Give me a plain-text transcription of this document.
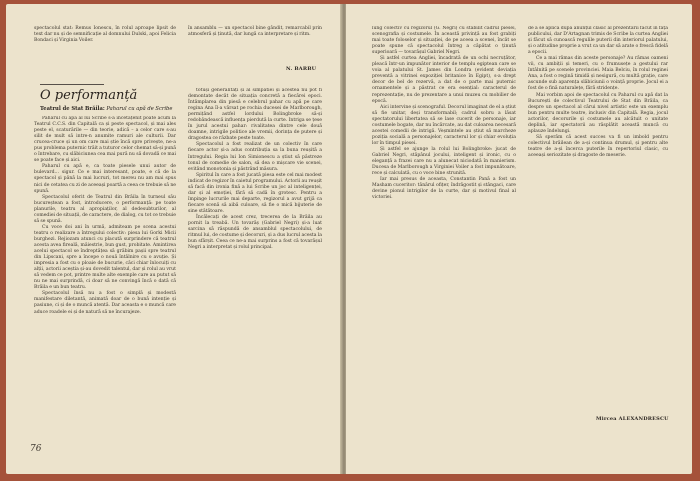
spectacolul stat: Remus Ionescu, în rolul aproape lipsit de text dar nu și de semnificație al domnului Dulski, apoi Felicia Bondaci și Virginia Voiler.

O performanță
Teatrul de Stat Brăila: Paharul cu apă de Scribe

Paharul cu apă al lui Scribe s-a încetățenit poate acum la Teatrul C.C.S. din Capitală ca și peste spectacol, și mai ales peste el, scaturările — din teorie, adică – a celor care s-au silit de mult să intre-n anumite ramuri ale culturii. Dar crucea-cruce și un om care mai știe încă spre privește, ne-a pus problema puternic trăit a tuturor celor chemat să-și pună o întrebare, cu slăbiciunea cea mai pură nu să dovadă ce mai se poate face și aici.

Paharul cu apă e, ca toate piesele unui autor de bulevard... sigur. Ce e mai interesant, poate, e că de la spectacol și până la mai lucruri, tot mereu nu am mai spus nici de cetatea cu zi de aceeași poartă a ceea ce trebuie să ne spună.

Spectacolul oferit de Teatrul din Brăila în turneul său bucureștean a fost, introducere, o performanță: pe toate planurile, teatru al apropiaților, al dedesubturilor, al comediei de situații, de caractere, de dialog, cu tot ce trebuie să se spună.

Cu voce doi ani în urmă, admiteam pe scena acestui teatru o realizare a întregului colectiv: piesa lui Gorki Micii burghezi. Rejiozam atunci cu placută surprindere că teatrul acesta avea fireală, măiestrie, bun gust, probitate. Amintirea acelui spectacol se îndreptățea să grăbim pașii spre teatrul din Lipscani, spre a începe o nouă întâlnire cu o avuție. Și impresia a fost cu o ploaie de bucurie, căci chiar înlocuiți cu alții, actorii aceștia și-au dovedit talentul, dar și rolul au vrut să vedem ce pot, printre multe alte exemple care au putut să nu ne mai surprindă, ci doar să ne convingă încă o dată că Brăila e un bun teatru.

Spectacolul însă nu a fost o simplă și modestă manifestare diletantă, animată doar de o bună intenție și pasiune, ci și de o muncă atentă. Dar aceasta e o muncă care aduce roadele ei și de natură să ne încurajeze.

în ansamblu — un spectacol bine gândit, remarcabil prin atmosferă și ținută, dar lungă ca interpretare și ritm.

N. BARBU

totuși generalități și al simpatiei și acestea nu pot fi demontate decât de situația concretă a fiecărei epoci. Întâmplarea din piesă e celebrul pahar cu apă pe care regina Ana îl-a vărsat pe rochia ducesei de Marlborough, permițând astfel lordului Bolingbroke să-și redobândească influența pierdută la curte. Intriga se țese în jurul acestui pahar: rivalitatea dintre cele două doamne, intrigile politice ale vremii, dorința de putere și dragostea ce răzbate peste toate.

Spectacolul a fost realizat de un colectiv în care fiecare actor și-a adus contribuția sa la buna reușită a întregului. Regia lui Ion Simionescu a știut să păstreze tonul de comedie de salon, să dea o mișcare vie scenei, evitând monotonia și păstrând măsura.

Spiritul în care a fost jucată piesa este cel mai modest indicat de regizor în caietul programului. Actorii au reușit să facă din ironia fină a lui Scribe un joc al inteligenței, dar și al emoției, fără să cadă în grotesc. Pentru a împinge lucrurile mai departe, regizorul a avut grijă ca fiecare scenă să aibă culoare, să fie o mică bijuterie de sine stătătoare.

Încălecați de acest crez, trecerea de la Brăila au pornit la treabă. Un tovarăș (Gabriel Negri) și-a luat sarcina să răspundă de ansamblul spectacolului, de ritmul lui, de costume și decoruri, și a dus lucrul acesta la bun sfârșit. Ceea ce ne-a mai surprins a fost că tovarășul Negri a interpretat și rolul principal.

76

lung colectiv cu regizorul (G. Negri) cu stabilit cadrul piesei, scenografia și costumele. În această privință au fost grabiți mai toate foloselor și situației, de pe aceea a scenei, încât se poate spune că spectacolul întreg a căpătat o ținută superioară — tovarășul Gabriel Negri.

Și astfel curtea Angliei, încadrată de un ochi necruțător, pleacă într-un impunător interior de templu egiptean care se voia al palatului St. James din Londra (evident deviația preventă a vitrinei expoziției britanice în Egipt), s-a drept decor de bel de rezervă, a dat de o parte mai puternic ornamentele și a păstrat ce era esențial: caracterul de reprezentație, nu de prezentare a unui muzeu cu mobilier de epocă.

Aici intervine și scenograful. Decorul imaginat de el a știut să fie unitar, deși transformabil; cadrul sobru a lăsat spectatorului libertatea să se lase cucerit de personaje, iar costumele bogate, dar nu încărcate, au dat culoarea necesară acestei comedii de intrigă. Veșmintele au știut să marcheze poziția socială a personajelor, caracterul lor și chiar evoluția lor în timpul piesei.

Și astfel se ajunge la rolul lui Bolingbroke: jucat de Gabriel Negri, stăpânul jocului, inteligent și ironic, cu o eleganță a frazei care nu a alunecat niciodată în manierism. Ducesa de Marlborough a Virginiei Voiler a fost impunătoare, rece și calculată, cu o voce bine strunită.

Iar mai presus de aceasta, Constantin Pană a fost un Masham cuceritor: tânărul ofițer, îndrăgostit și stângaci, care devine pionul intrigilor de la curte, dar și motivul final al victoriei.

de a se aplica după anunțul clasic al prezentării făcut în fața publicului, dar D'Artagnan trimis de Scribe la curtea Angliei și făcut să cunoască regulile puterii din interiorul palatului, și o atitudine proprie a vrut ca un dar să arate o frescă fidelă a epocii.

Ce a mai rămas din aceste personaje? Au rămas oameni vii, cu ambiții și temeri, cu o frumusețe a gestului rar întâlnită pe scenele provinciei. Maia Belciu, în rolul reginei Ana, a fost o regină timidă și nesigură, cu multă grație, care ascunde sub aparența slăbiciunii o voință proprie. Jocul ei a fost de o fină naturalețe, fără stridențe.

Mai vorbim apoi de spectacolul cu Paharul cu apă dat la București de colectivul Teatrului de Stat din Brăila, ca despre un spectacol al cărui nivel artistic este un exemplu bun pentru multe teatre, inclusiv din Capitală. Regia, jocul actorilor, decorurile și costumele au alcătuit o unitate deplină, iar spectatorii au răsplătit această muncă cu aplauze îndelungi.

Să sperăm că acest succes va fi un imbold pentru colectivul brăilean de a-și continua drumul, și pentru alte teatre de a-și încerca puterile în repertoriul clasic, cu aceeași seriozitate și dragoste de meserie.

Mircea ALEXANDRESCU
